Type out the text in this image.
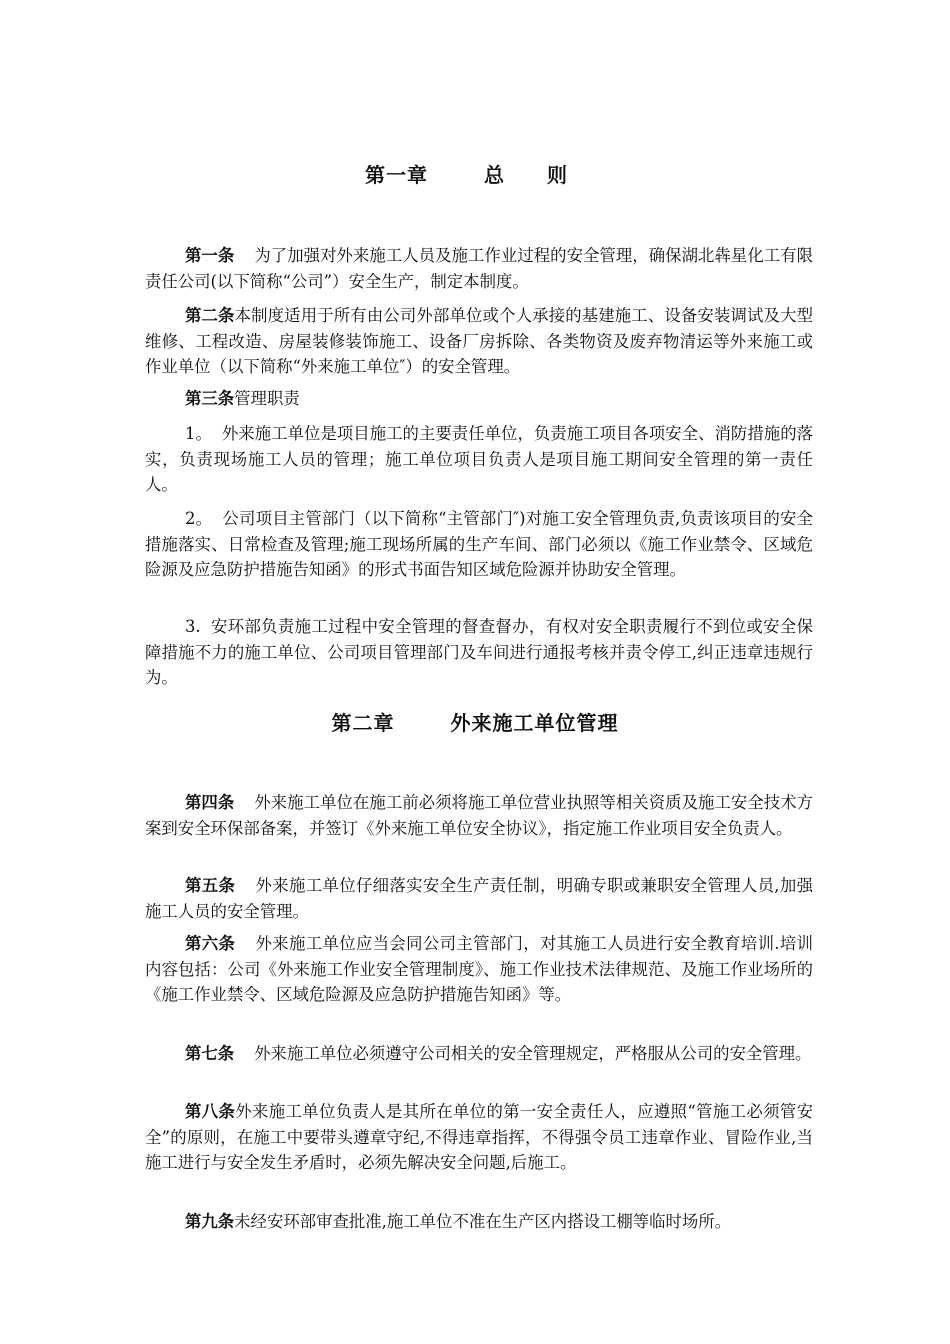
第一章	总 则

第一条 为了加强对外来施工人员及施工作业过程的安全管理，确保湖北犇星化工有限责任公司(以下简称“公司”）安全生产，制定本制度。

第二条本制度适用于所有由公司外部单位或个人承接的基建施工、设备安装调试及大型维修、工程改造、房屋装修装饰施工、设备厂房拆除、各类物资及废弃物清运等外来施工或作业单位（以下简称“外来施工单位″）的安全管理。

第三条管理职责

1。 外来施工单位是项目施工的主要责任单位，负责施工项目各项安全、消防措施的落实，负责现场施工人员的管理；施工单位项目负责人是项目施工期间安全管理的第一责任人。

2。 公司项目主管部门（以下简称“主管部门″)对施工安全管理负责,负责该项目的安全措施落实、日常检查及管理;施工现场所属的生产车间、部门必须以《施工作业禁令、区域危险源及应急防护措施告知函》的形式书面告知区域危险源并协助安全管理。

3. 安环部负责施工过程中安全管理的督查督办，有权对安全职责履行不到位或安全保障措施不力的施工单位、公司项目管理部门及车间进行通报考核并责令停工,纠正违章违规行为。

第二章	外来施工单位管理

第四条 外来施工单位在施工前必须将施工单位营业执照等相关资质及施工安全技术方案到安全环保部备案，并签订《外来施工单位安全协议》，指定施工作业项目安全负责人。

第五条 外来施工单位仔细落实安全生产责任制，明确专职或兼职安全管理人员,加强施工人员的安全管理。

第六条 外来施工单位应当会同公司主管部门，对其施工人员进行安全教育培训.培训内容包括：公司《外来施工作业安全管理制度》、施工作业技术法律规范、及施工作业场所的《施工作业禁令、区域危险源及应急防护措施告知函》等。

第七条 外来施工单位必须遵守公司相关的安全管理规定，严格服从公司的安全管理。

第八条外来施工单位负责人是其所在单位的第一安全责任人，应遵照“管施工必须管安全”的原则，在施工中要带头遵章守纪,不得违章指挥，不得强令员工违章作业、冒险作业,当施工进行与安全发生矛盾时，必须先解决安全问题,后施工。

第九条未经安环部审查批准,施工单位不准在生产区内搭设工棚等临时场所。
